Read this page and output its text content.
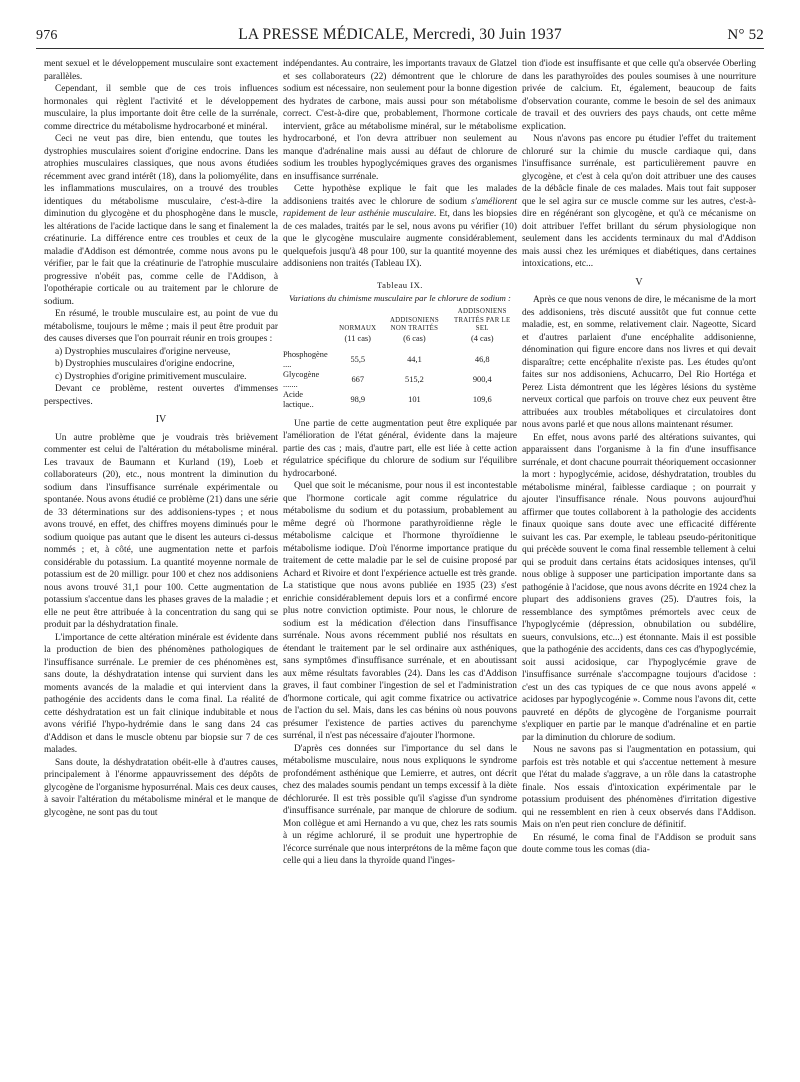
976	LA PRESSE MÉDICALE, Mercredi, 30 Juin 1937	N° 52

ment sexuel et le développement musculaire sont exactement parallèles.

Cependant, il semble que de ces trois influences hormonales qui règlent l'activité et le développement musculaire, la plus importante doit être celle de la surrénale, comme directrice du métabolisme hydrocarboné et minéral.

Ceci ne veut pas dire, bien entendu, que toutes les dystrophies musculaires soient d'origine endocrine. Dans les atrophies musculaires classiques, que nous avons étudiées récemment avec grand intérêt (18), dans la poliomyélite, dans les inflammations musculaires, on a trouvé des troubles identiques du métabolisme musculaire, c'est-à-dire la diminution du glycogène et du phosphogène dans le muscle, les altérations de l'acide lactique dans le sang et finalement la créatinurie. La différence entre ces troubles et ceux de la maladie d'Addison est démontrée, comme nous avons pu le vérifier, par le fait que la créatinurie de l'atrophie musculaire progressive n'obéit pas, comme celle de l'Addison, à l'opothérapie corticale ou au traitement par le chlorure de sodium.

En résumé, le trouble musculaire est, au point de vue du métabolisme, toujours le même ; mais il peut être produit par des causes diverses que l'on pourrait réunir en trois groupes :

a) Dystrophies musculaires d'origine nerveuse,

b) Dystrophies musculaires d'origine endocrine,

c) Dystrophies d'origine primitivement musculaire.

Devant ce problème, restent ouvertes d'immenses perspectives.

IV

Un autre problème que je voudrais très brièvement commenter est celui de l'altération du métabolisme minéral. Les travaux de Baumann et Kurland (19), Loeb et collaborateurs (20), etc., nous montrent la diminution du sodium dans l'insuffisance surrénale expérimentale ou spontanée. Nous avons étudié ce problème (21) dans une série de 33 déterminations sur des addisoniens-types ; et nous avons trouvé, en effet, des chiffres moyens diminués pour le sodium quoique pas autant que le disent les auteurs ci-dessus nommés ; et, à côté, une augmentation nette et parfois considérable du potassium. La quantité moyenne normale de potassium est de 20 milligr. pour 100 et chez nos addisoniens nous avons trouvé 31,1 pour 100. Cette augmentation de potassium s'accentue dans les phases graves de la maladie ; et elle ne peut être attribuée à la concentration du sang qui se produit par la déshydratation finale.

L'importance de cette altération minérale est évidente dans la production de bien des phénomènes pathologiques de l'insuffisance surrénale. Le premier de ces phénomènes est, sans doute, la déshydratation intense qui survient dans les moments avancés de la maladie et qui intervient dans la pathogénie des accidents dans le coma final. La réalité de cette déshydratation est un fait clinique indubitable et nous avons vérifié l'hypo-hydrémie dans le sang dans 24 cas d'Addison et dans le muscle obtenu par biopsie sur 7 de ces malades.

Sans doute, la déshydratation obéit-elle à d'autres causes, principalement à l'énorme appauvrissement des dépôts de glycogène de l'organisme hyposurrénal. Mais ces deux causes, à savoir l'altération du métabolisme minéral et le manque de glycogène, ne sont pas du tout

indépendantes. Au contraire, les importants travaux de Glatzel et ses collaborateurs (22) démontrent que le chlorure de sodium est nécessaire, non seulement pour la bonne digestion des hydrates de carbone, mais aussi pour son métabolisme correct. C'est-à-dire que, probablement, l'hormone corticale intervient, grâce au métabolisme minéral, sur le métabolisme hydrocarboné, et l'on devra attribuer non seulement au manque d'adrénaline mais aussi au défaut de chlorure de sodium les troubles hypoglycémiques graves des organismes en insuffisance surrénale.

Cette hypothèse explique le fait que les malades addisoniens traités avec le chlorure de sodium s'améliorent rapidement de leur asthénie musculaire. Et, dans les biopsies de ces malades, traités par le sel, nous avons pu vérifier (10) que le glycogène musculaire augmente considérablement, quelquefois jusqu'à 48 pour 100, sur la quantité moyenne des addisoniens non traités (Tableau IX).

Tableau IX.
Variations du chimisme musculaire par le chlorure de sodium :
	NORMAUX	ADDISONIENS NON TRAITÉS	ADDISONIENS TRAITÉS PAR LE SEL
	(11 cas)	(6 cas)	(4 cas)

Phosphogène ....	55,5	44,1	46,8
Glycogène .......	667	515,2	900,4
Acide lactique..	98,9	101	109,6

Une partie de cette augmentation peut être expliquée par l'amélioration de l'état général, évidente dans la majeure partie des cas ; mais, d'autre part, elle est liée à cette action régulatrice spécifique du chlorure de sodium sur l'équilibre hydrocarboné.

Quel que soit le mécanisme, pour nous il est incontestable que l'hormone corticale agit comme régulatrice du métabolisme du sodium et du potassium, probablement au même degré où l'hormone parathyroïdienne règle le métabolisme calcique et l'hormone thyroïdienne le métabolisme iodique. D'où l'énorme importance pratique du traitement de cette maladie par le sel de cuisine proposé par Achard et Rivoire et dont l'expérience actuelle est très grande. La statistique que nous avons publiée en 1935 (23) s'est enrichie considérablement depuis lors et a confirmé encore plus notre conviction optimiste. Pour nous, le chlorure de sodium est la médication d'élection dans l'insuffisance surrénale. Nous avons récemment publié nos résultats en étendant le traitement par le sel ordinaire aux asthéniques, sans symptômes d'insuffisance surrénale, et en aboutissant aux même résultats favorables (24). Dans les cas d'Addison graves, il faut combiner l'ingestion de sel et l'administration d'hormone corticale, qui agit comme fixatrice ou activatrice de l'action du sel. Mais, dans les cas bénins où nous pouvons présumer l'existence de parties actives du parenchyme surrénal, il n'est pas nécessaire d'ajouter l'hormone.

D'après ces données sur l'importance du sel dans le métabolisme musculaire, nous nous expliquons le syndrome profondément asthénique que Lemierre, et autres, ont décrit chez des malades soumis pendant un temps excessif à la diète déchlorurée. Il est très possible qu'il s'agisse d'un syndrome d'insuffisance surrénale, par manque de chlorure de sodium. Mon collègue et ami Hernando a vu que, chez les rats soumis à un régime achloruré, il se produit une hypertrophie de l'écorce surrénale que nous interprétons de la même façon que celle qui a lieu dans la thyroïde quand l'inges-

tion d'iode est insuffisante et que celle qu'a observée Oberling dans les parathyroïdes des poules soumises à une nourriture privée de calcium. Et, également, beaucoup de faits d'observation courante, comme le besoin de sel des animaux de travail et des ouvriers des pays chauds, ont cette même explication.

Nous n'avons pas encore pu étudier l'effet du traitement chloruré sur la chimie du muscle cardiaque qui, dans l'insuffisance surrénale, est particulièrement pauvre en glycogène, et c'est à cela qu'on doit attribuer une des causes de la débâcle finale de ces malades. Mais tout fait supposer que le sel agira sur ce muscle comme sur les autres, c'est-à-dire en régénérant son glycogène, et qu'à ce mécanisme on doit attribuer l'effet brillant du sérum physiologique non seulement dans les accidents terminaux du mal d'Addison mais aussi chez les urémiques et diabétiques, dans certaines intoxications, etc...

V

Après ce que nous venons de dire, le mécanisme de la mort des addisoniens, très discuté aussitôt que fut connue cette maladie, est, en somme, relativement clair. Nageotte, Sicard et d'autres parlaient d'une encéphalite addisonienne, dénomination qui figure encore dans nos livres et qui devait disparaître; cette encéphalite n'existe pas. Les études qu'ont faites sur nos addisoniens, Achucarro, Del Rio Hortéga et Perez Lista démontrent que les légères lésions du système nerveux cortical que parfois on trouve chez eux peuvent être attribuées aux troubles métaboliques et circulatoires dont nous avons parlé et que nous allons maintenant résumer.

En effet, nous avons parlé des altérations suivantes, qui apparaissent dans l'organisme à la fin d'une insuffisance surrénale, et dont chacune pourrait théoriquement occasionner la mort : hypoglycémie, acidose, déshydratation, troubles du métabolisme minéral, faiblesse cardiaque ; on pourrait y ajouter l'insuffisance rénale. Nous pouvons aujourd'hui affirmer que toutes collaborent à la pathologie des accidents finaux quoique sans doute avec une efficacité différente suivant les cas. Par exemple, le tableau pseudo-péritonitique qui précède souvent le coma final ressemble tellement à celui qui se produit dans certains états acidosiques intenses, qu'il nous oblige à supposer une participation importante dans sa pathogénie à l'acidose, que nous avons décrite en 1924 chez la plupart des addisoniens graves (25). D'autres fois, la ressemblance des symptômes prémortels avec ceux de l'hypoglycémie (dépression, obnubilation ou subdélire, sueurs, convulsions, etc...) est étonnante. Mais il est possible que la pathogénie des accidents, dans ces cas d'hypoglycémie, soit aussi acidosique, car l'hypoglycémie grave de l'insuffisance surrénale s'accompagne toujours d'acidose : c'est un des cas typiques de ce que nous avons appelé « acidoses par hypoglycogénie ». Comme nous l'avons dit, cette pauvreté en dépôts de glycogène de l'organisme pourrait s'expliquer en partie par le manque d'adrénaline et en partie par la diminution du chlorure de sodium.

Nous ne savons pas si l'augmentation en potassium, qui parfois est très notable et qui s'accentue nettement à mesure que l'état du malade s'aggrave, a un rôle dans la catastrophe finale. Nos essais d'intoxication expérimentale par le potassium produisent des phénomènes d'irritation digestive qui ne ressemblent en rien à ceux observés dans l'Addison. Mais on n'en peut rien conclure de définitif.

En résumé, le coma final de l'Addison se produit sans doute comme tous les comas (dia-
